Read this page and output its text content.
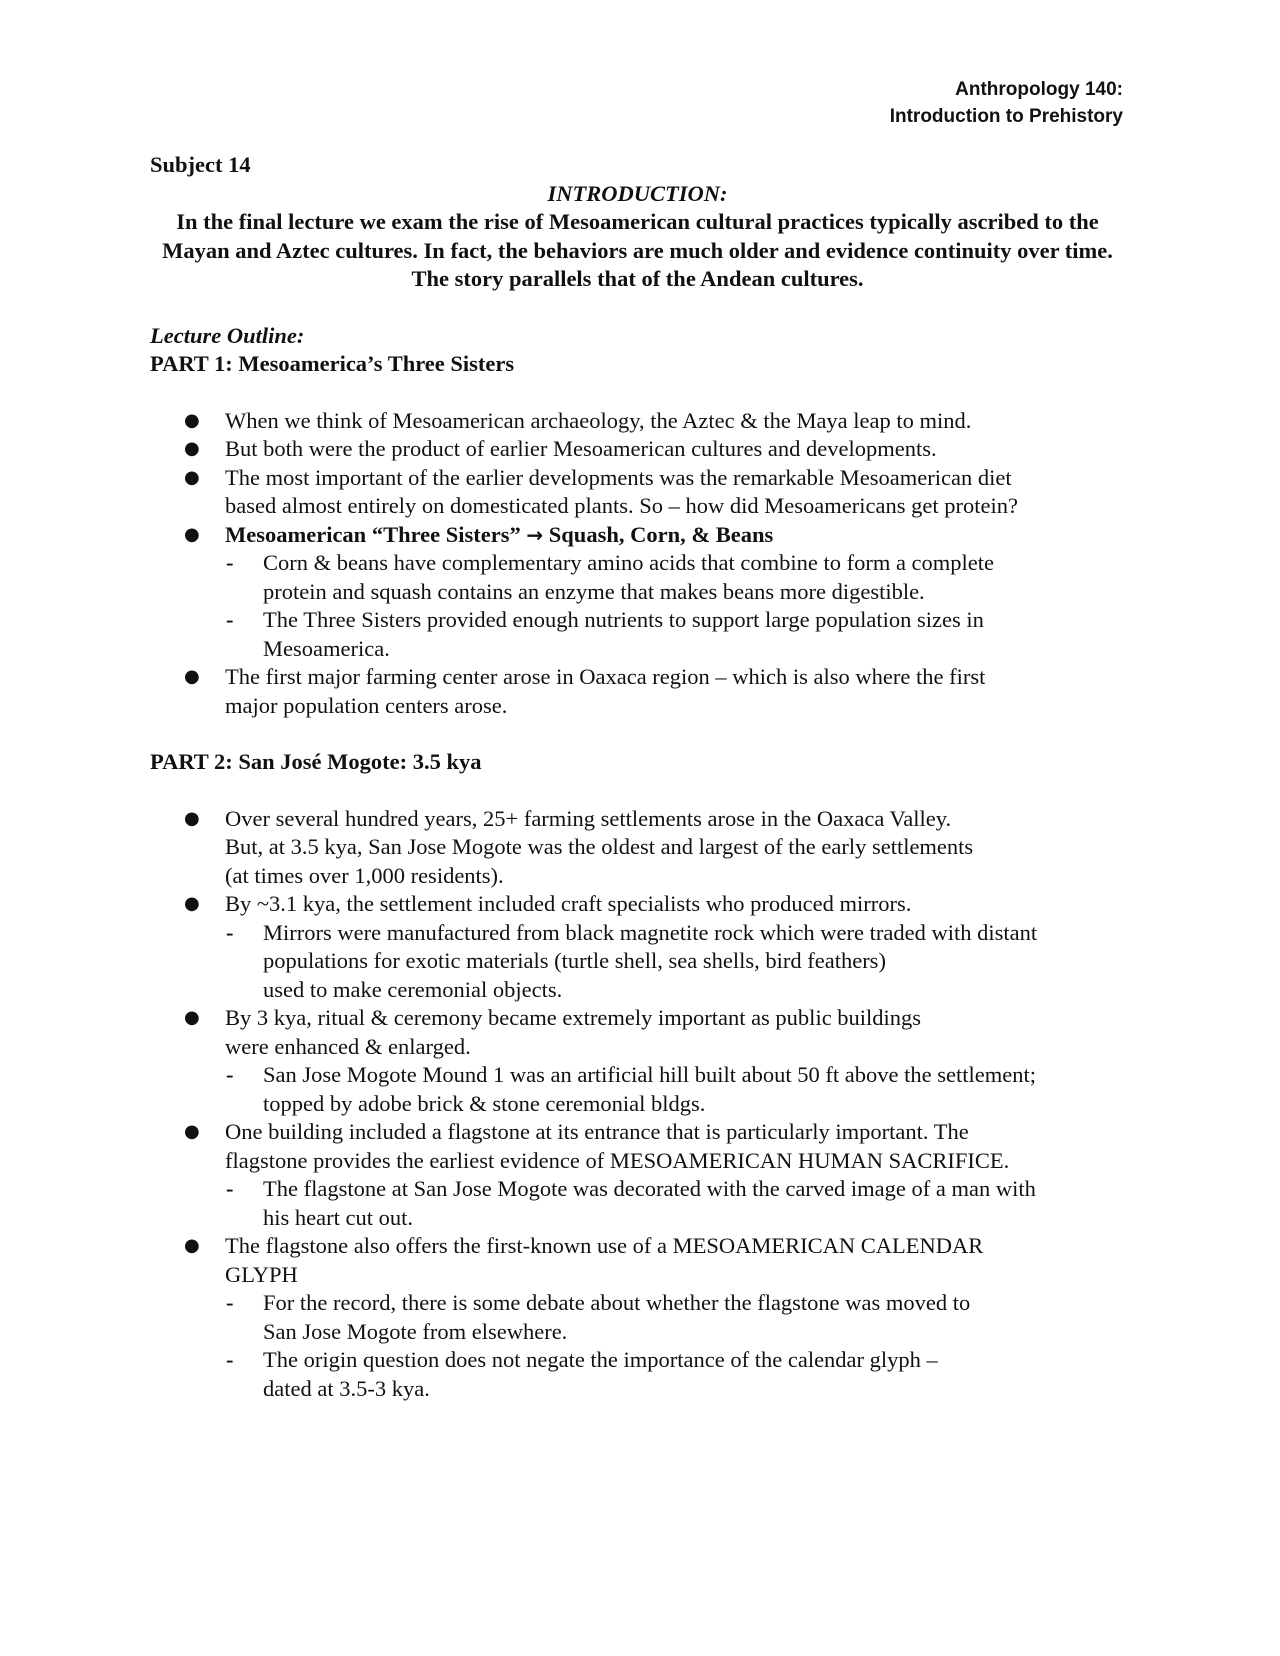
Anthropology 140:
Introduction to Prehistory
Subject 14
INTRODUCTION:
In the final lecture we exam the rise of Mesoamerican cultural practices typically ascribed to the Mayan and Aztec cultures. In fact, the behaviors are much older and evidence continuity over time. The story parallels that of the Andean cultures.
Lecture Outline:
PART 1: Mesoamerica’s Three Sisters
● When we think of Mesoamerican archaeology, the Aztec & the Maya leap to mind.
● But both were the product of earlier Mesoamerican cultures and developments.
● The most important of the earlier developments was the remarkable Mesoamerican diet
based almost entirely on domesticated plants. So – how did Mesoamericans get protein?
● Mesoamerican “Three Sisters” → Squash, Corn, & Beans
- Corn & beans have complementary amino acids that combine to form a complete
protein and squash contains an enzyme that makes beans more digestible.
- The Three Sisters provided enough nutrients to support large population sizes in
Mesoamerica.
● The first major farming center arose in Oaxaca region – which is also where the first
major population centers arose.
PART 2: San José Mogote: 3.5 kya
● Over several hundred years, 25+ farming settlements arose in the Oaxaca Valley.
But, at 3.5 kya, San Jose Mogote was the oldest and largest of the early settlements
(at times over 1,000 residents).
● By ~3.1 kya, the settlement included craft specialists who produced mirrors.
- Mirrors were manufactured from black magnetite rock which were traded with distant
populations for exotic materials (turtle shell, sea shells, bird feathers)
used to make ceremonial objects.
● By 3 kya, ritual & ceremony became extremely important as public buildings
were enhanced & enlarged.
- San Jose Mogote Mound 1 was an artificial hill built about 50 ft above the settlement;
topped by adobe brick & stone ceremonial bldgs.
● One building included a flagstone at its entrance that is particularly important. The
flagstone provides the earliest evidence of MESOAMERICAN HUMAN SACRIFICE.
- The flagstone at San Jose Mogote was decorated with the carved image of a man with
his heart cut out.
● The flagstone also offers the first-known use of a MESOAMERICAN CALENDAR
GLYPH
- For the record, there is some debate about whether the flagstone was moved to
San Jose Mogote from elsewhere.
- The origin question does not negate the importance of the calendar glyph –
dated at 3.5-3 kya.
